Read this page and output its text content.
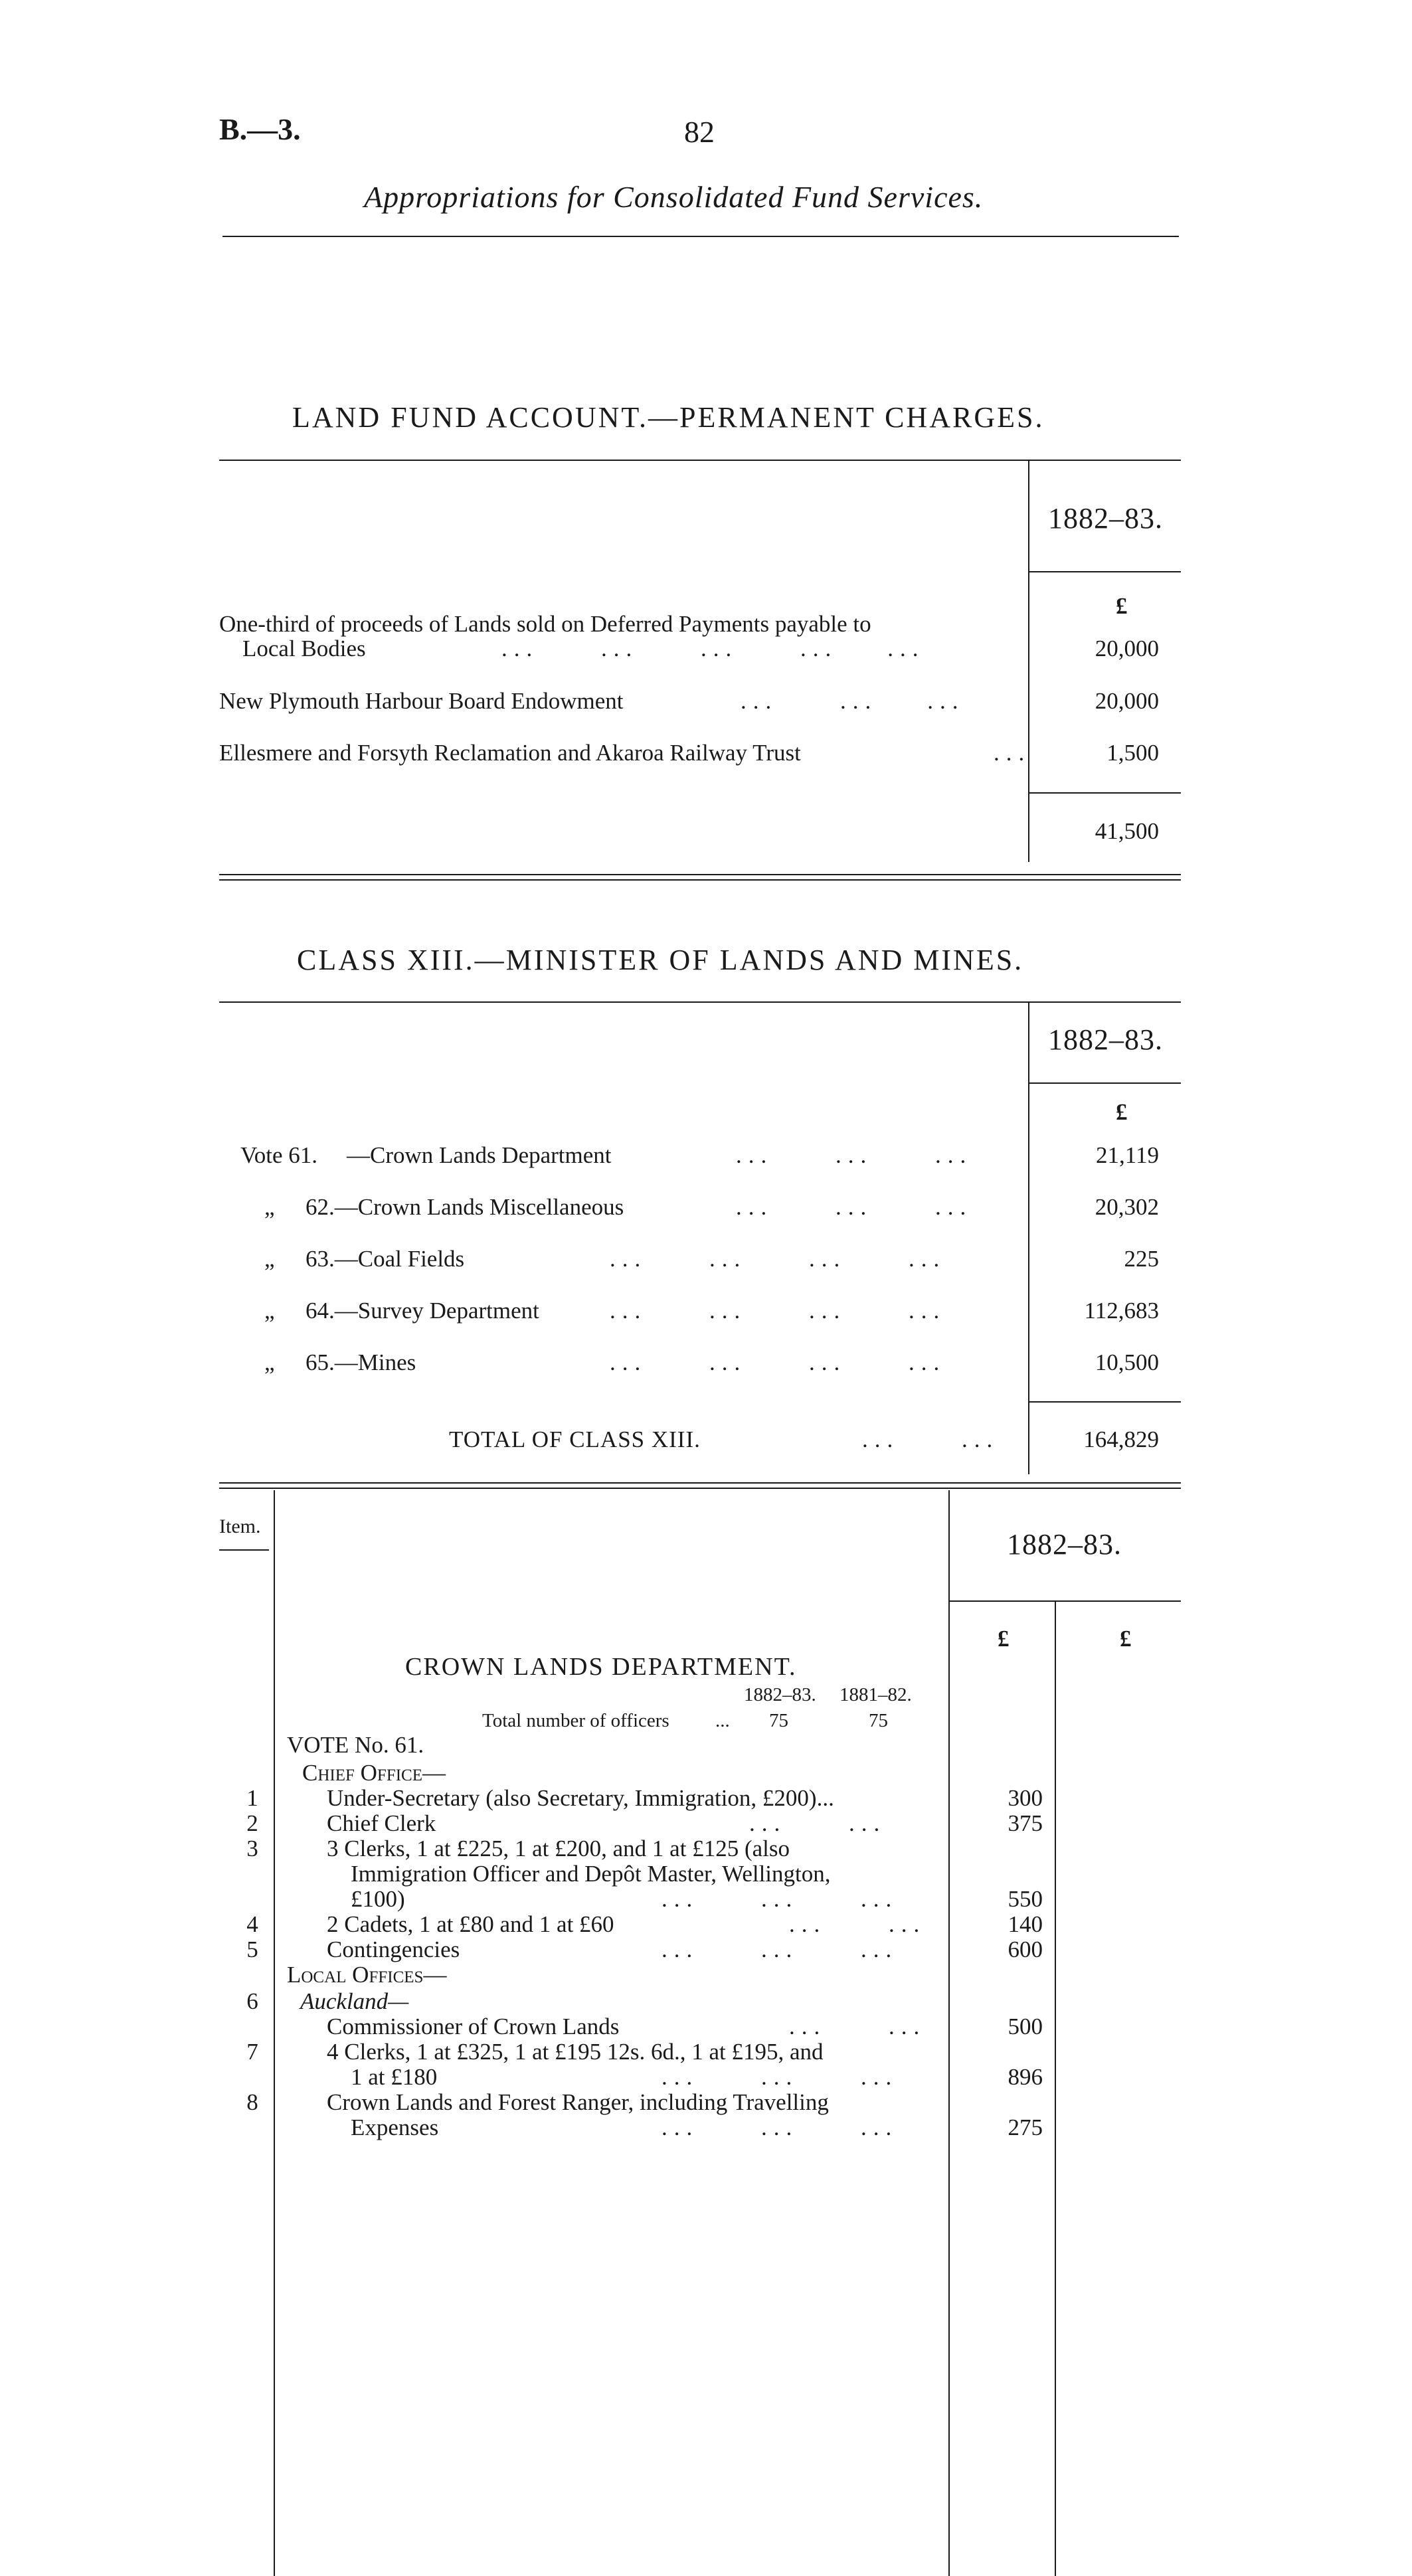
B.—3.	82
Appropriations for Consolidated Fund Services.
LAND FUND ACCOUNT.—PERMANENT CHARGES.
1882–83.
£
One-third of proceeds of Lands sold on Deferred Payments payable to
Local Bodies	...     ...     ...     ...    ...	20,000
New Plymouth Harbour Board Endowment	...     ...    ...	20,000
Ellesmere and Forsyth Reclamation and Akaroa Railway Trust	...	1,500
41,500
CLASS XIII.—MINISTER OF LANDS AND MINES.
1882–83.
£
Vote 61. —Crown Lands Department	...     ...     ...	21,119
„ 62.—Crown Lands Miscellaneous	...     ...     ...	20,302
„ 63.—Coal Fields	...     ...     ...     ...	225
„ 64.—Survey Department	...     ...     ...     ...	112,683
„ 65.—Mines	...     ...     ...     ...	10,500
TOTAL OF CLASS XIII.	...     ...	164,829
Item.
1882–83.
£	£
CROWN LANDS DEPARTMENT.
1882–83. 1881–82.
Total number of officers ... 75	75
VOTE No. 61.
Chief Office—
1	Under-Secretary (also Secretary, Immigration, £200)...	300
2	Chief Clerk	...     ...	375
3	3 Clerks, 1 at £225, 1 at £200, and 1 at £125 (also
Immigration Officer and Depôt Master, Wellington,
£100)	...     ...     ...	550
4	2 Cadets, 1 at £80 and 1 at £60	...     ...	140
5	Contingencies	...     ...     ...	600
Local Offices—
6	Auckland—
Commissioner of Crown Lands	...     ...	500
7	4 Clerks, 1 at £325, 1 at £195 12s. 6d., 1 at £195, and
1 at £180	...     ...     ...	896
8	Crown Lands and Forest Ranger, including Travelling
Expenses	...     ...     ...	275
